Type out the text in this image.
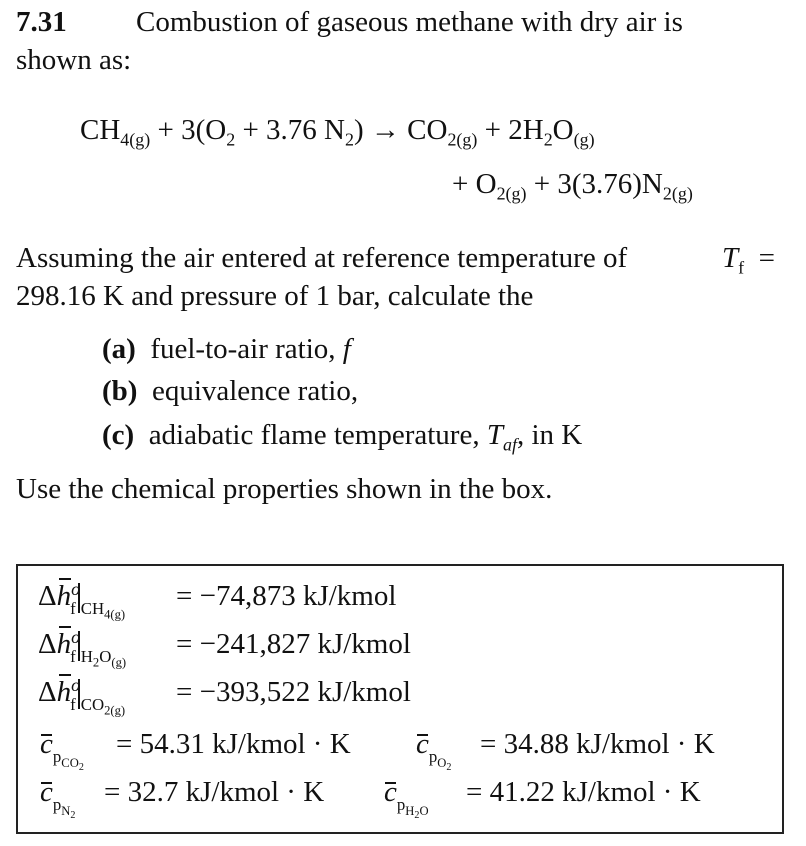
7.31 Combustion of gaseous methane with dry air is
shown as:
$CH_{4(g)} + 3(O_2 + 3.76$ $N_2) \to CO_{2(g)} + 2H_2O_{(g)}$
+ $O_{2(g)} + 3(3.76)N_{2(g)}$
Assuming the air entered at reference temperature of	$T_f$  =
298.16 K and pressure of 1 bar, calculate the
(a) fuel-to-air ratio, f
(b) equivalence ratio,
(c) adiabatic flame temperature, $T_{af}$, in K
Use the chemical properties shown in the box.
$\Delta h^o_f$ $_{CH_{4(g)}}$
= −74,873 kJ/kmol
$\Delta h^o_f$ $_{H_2O_{(g)}}$
= −241,827 kJ/kmol
$\Delta h^o_f$ $_{CO_{2(g)}}$
= −393,522 kJ/kmol
$c_{p_{CO_2}}$
= 54.31 kJ/kmol · K $c_{p_{O_2}}$
= 34.88 kJ/kmol · K
$c_{p_{N_2}}$
= 32.7 kJ/kmol · K $c_{p_{H_2O}}$
= 41.22 kJ/kmol · K
